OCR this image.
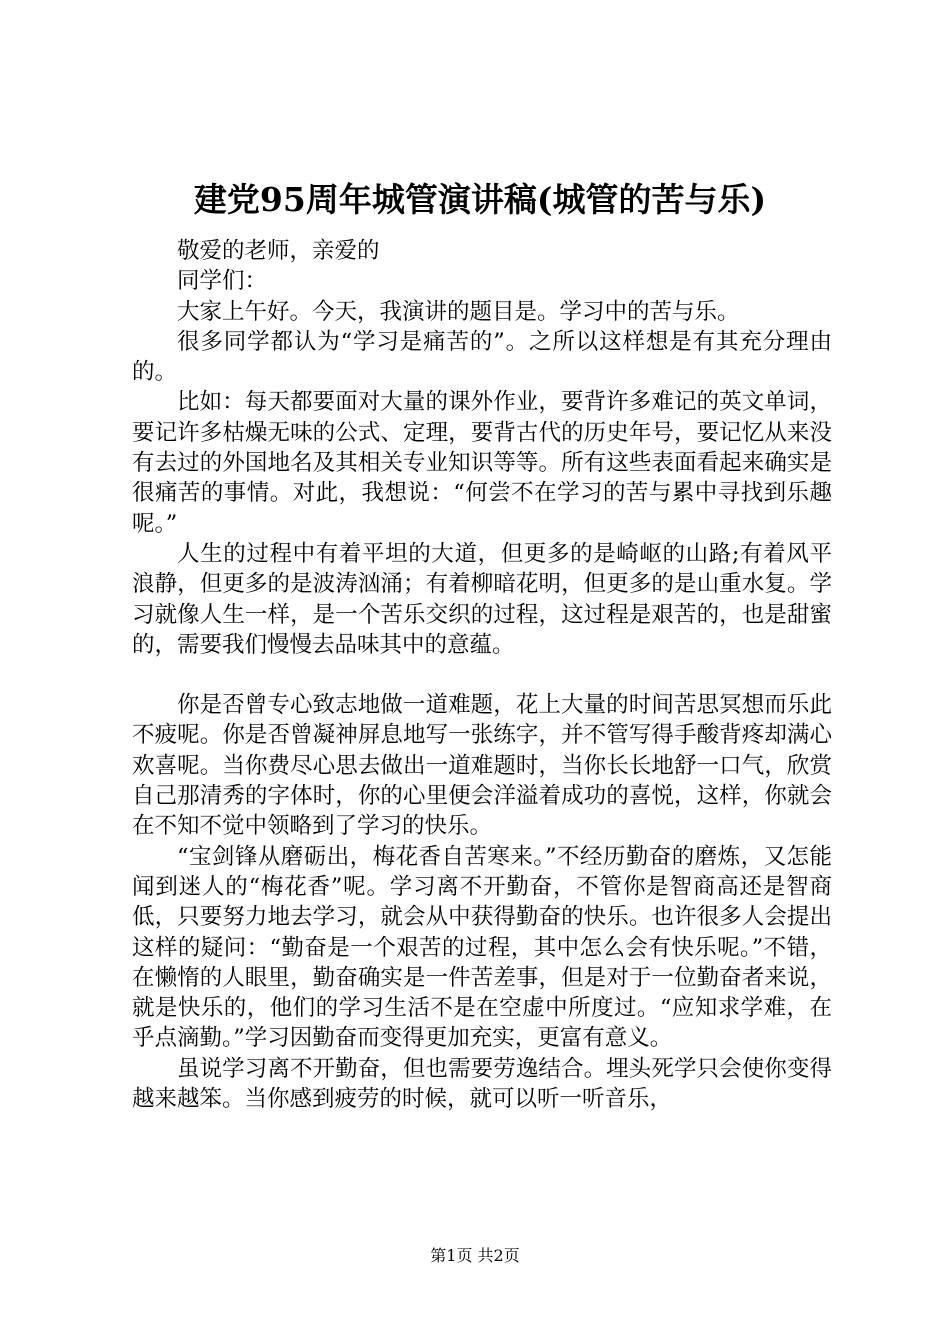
建党95周年城管演讲稿(城管的苦与乐)

敬爱的老师，亲爱的

同学们：

大家上午好。今天，我演讲的题目是。学习中的苦与乐。

很多同学都认为“学习是痛苦的”。之所以这样想是有其充分理由的。

比如：每天都要面对大量的课外作业，要背许多难记的英文单词，要记许多枯燥无味的公式、定理，要背古代的历史年号，要记忆从来没有去过的外国地名及其相关专业知识等等。所有这些表面看起来确实是很痛苦的事情。对此，我想说：“何尝不在学习的苦与累中寻找到乐趣呢。”

人生的过程中有着平坦的大道，但更多的是崎岖的山路;有着风平浪静，但更多的是波涛汹涌；有着柳暗花明，但更多的是山重水复。学习就像人生一样，是一个苦乐交织的过程，这过程是艰苦的，也是甜蜜的，需要我们慢慢去品味其中的意蕴。

你是否曾专心致志地做一道难题，花上大量的时间苦思冥想而乐此不疲呢。你是否曾凝神屏息地写一张练字，并不管写得手酸背疼却满心欢喜呢。当你费尽心思去做出一道难题时，当你长长地舒一口气，欣赏自己那清秀的字体时，你的心里便会洋溢着成功的喜悦，这样，你就会在不知不觉中领略到了学习的快乐。

“宝剑锋从磨砺出，梅花香自苦寒来。”不经历勤奋的磨炼，又怎能闻到迷人的“梅花香”呢。学习离不开勤奋，不管你是智商高还是智商低，只要努力地去学习，就会从中获得勤奋的快乐。也许很多人会提出这样的疑问：“勤奋是一个艰苦的过程，其中怎么会有快乐呢。”不错，在懒惰的人眼里，勤奋确实是一件苦差事，但是对于一位勤奋者来说，就是快乐的，他们的学习生活不是在空虚中所度过。“应知求学难，在乎点滴勤。”学习因勤奋而变得更加充实，更富有意义。

虽说学习离不开勤奋，但也需要劳逸结合。埋头死学只会使你变得越来越笨。当你感到疲劳的时候，就可以听一听音乐，

第1页 共2页
